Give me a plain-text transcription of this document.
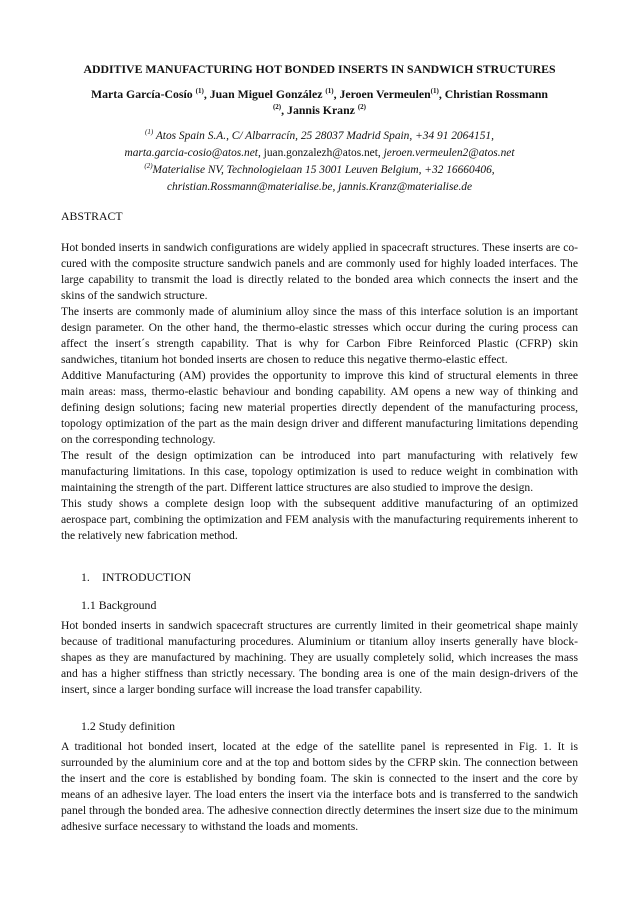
ADDITIVE MANUFACTURING HOT BONDED INSERTS IN SANDWICH STRUCTURES
Marta García-Cosío $^{(1)}$, Juan Miguel González $^{(1)}$, Jeroen Vermeulen$^{(1)}$, Christian Rossmann
$^{(2)}$, Jannis Kranz $^{(2)}$
$^{(1)}$ Atos Spain S.A., C/ Albarracín, 25 28037 Madrid Spain, +34 91 2064151,
marta.garcia-cosio@atos.net, juan.gonzalezh@atos.net, jeroen.vermeulen2@atos.net
$^{(2)}$Materialise NV, Technologielaan 15 3001 Leuven Belgium, +32 16660406,
christian.Rossmann@materialise.be, jannis.Kranz@materialise.de
ABSTRACT

Hot bonded inserts in sandwich configurations are widely applied in spacecraft structures. These inserts are co-cured with the composite structure sandwich panels and are commonly used for highly loaded interfaces. The large capability to transmit the load is directly related to the bonded area which connects the insert and the skins of the sandwich structure.

The inserts are commonly made of aluminium alloy since the mass of this interface solution is an important design parameter. On the other hand, the thermo-elastic stresses which occur during the curing process can affect the insert´s strength capability. That is why for Carbon Fibre Reinforced Plastic (CFRP) skin sandwiches, titanium hot bonded inserts are chosen to reduce this negative thermo-elastic effect.

Additive Manufacturing (AM) provides the opportunity to improve this kind of structural elements in three main areas: mass, thermo-elastic behaviour and bonding capability. AM opens a new way of thinking and defining design solutions; facing new material properties directly dependent of the manufacturing process, topology optimization of the part as the main design driver and different manufacturing limitations depending on the corresponding technology.

The result of the design optimization can be introduced into part manufacturing with relatively few manufacturing limitations. In this case, topology optimization is used to reduce weight in combination with maintaining the strength of the part. Different lattice structures are also studied to improve the design.

This study shows a complete design loop with the subsequent additive manufacturing of an optimized aerospace part, combining the optimization and FEM analysis with the manufacturing requirements inherent to the relatively new fabrication method.

1. INTRODUCTION
1.1 Background

Hot bonded inserts in sandwich spacecraft structures are currently limited in their geometrical shape mainly because of traditional manufacturing procedures. Aluminium or titanium alloy inserts generally have block-shapes as they are manufactured by machining. They are usually completely solid, which increases the mass and has a higher stiffness than strictly necessary. The bonding area is one of the main design-drivers of the insert, since a larger bonding surface will increase the load transfer capability.

1.2 Study definition

A traditional hot bonded insert, located at the edge of the satellite panel is represented in Fig. 1. It is surrounded by the aluminium core and at the top and bottom sides by the CFRP skin. The connection between the insert and the core is established by bonding foam. The skin is connected to the insert and the core by means of an adhesive layer. The load enters the insert via the interface bots and is transferred to the sandwich panel through the bonded area. The adhesive connection directly determines the insert size due to the minimum adhesive surface necessary to withstand the loads and moments.
